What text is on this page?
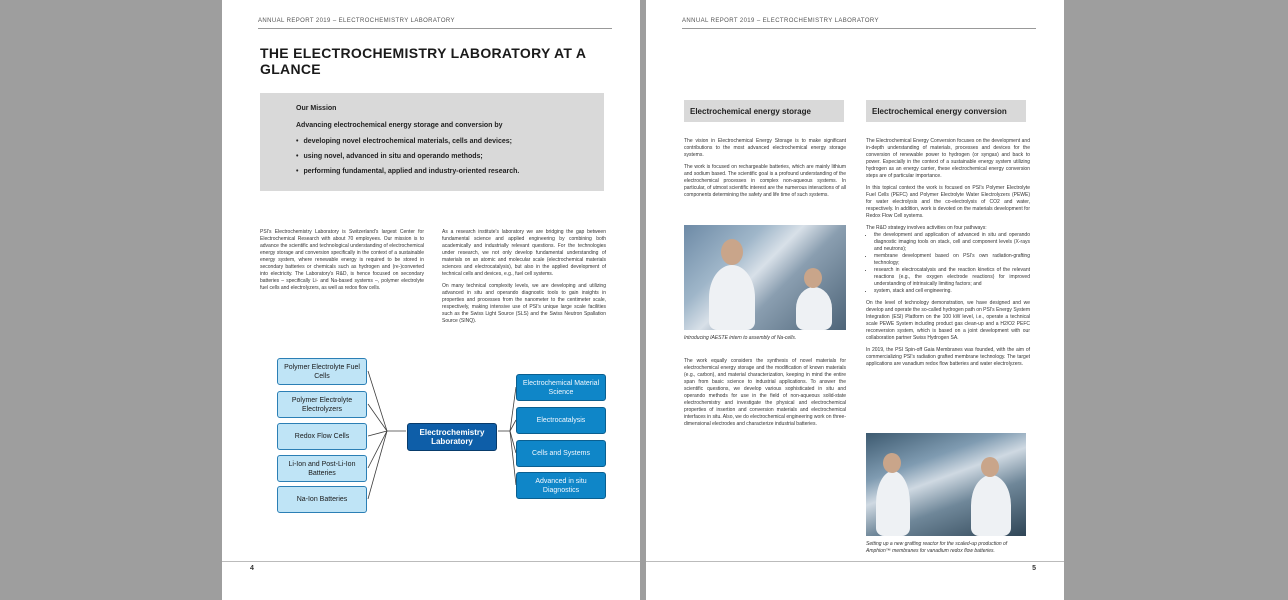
ANNUAL REPORT 2019 – ELECTROCHEMISTRY LABORATORY
THE ELECTROCHEMISTRY LABORATORY AT A GLANCE
Our Mission
Advancing electrochemical energy storage and conversion by
• developing novel electrochemical materials, cells and devices;
• using novel, advanced in situ and operando methods;
• performing fundamental, applied and industry-oriented research.

PSI's Electrochemistry Laboratory is Switzerland's largest Center for Electrochemical Research with about 70 employees. Our mission is to advance the scientific and technological understanding of electrochemical energy storage and conversion specifically in the context of a sustainable energy system, where renewable energy is required to be stored in secondary batteries or chemicals such as hydrogen and (re-)converted into electricity. The Laboratory's R&D, is hence focused on secondary batteries – specifically Li- and Na-based systems –, polymer electrolyte fuel cells and electrolyzers, as well as redox flow cells.

As a research institute's laboratory we are bridging the gap between fundamental science and applied engineering by combining both academically and industrially relevant questions. For the technologies under research, we not only develop fundamental understanding of materials on an atomic and molecular scale (electrochemical materials sciences and electrocatalysis), but also in the applied development of technical cells and devices, e.g., fuel cell systems.

On many technical complexity levels, we are developing and utilizing advanced in situ and operando diagnostic tools to gain insights in properties and processes from the nanometer to the centimeter scale, respectively, making intensive use of PSI's unique large scale facilities such as the Swiss Light Source (SLS) and the Swiss Neutron Spallation Source (SINQ).

Polymer Electrolyte Fuel Cells
Polymer Electrolyte Electrolyzers
Redox Flow Cells
Li-Ion and Post-Li-Ion Batteries
Na-Ion Batteries
Electrochemistry Laboratory
Electrochemical Material Science
Electrocatalysis
Cells and Systems
Advanced in situ Diagnostics
4
ANNUAL REPORT 2019 – ELECTROCHEMISTRY LABORATORY
Electrochemical energy storage	Electrochemical energy conversion

The vision in Electrochemical Energy Storage is to make significant contributions to the most advanced electrochemical energy storage systems.

The work is focused on rechargeable batteries, which are mainly lithium and sodium based. The scientific goal is a profound understanding of the electrochemical processes in complex non-aqueous systems. In particular, of utmost scientific interest are the numerous interactions of all components determining the safety and life time of such systems.

Introducing IAESTE intern to assembly of Na-cells.

The work equally considers the synthesis of novel materials for electrochemical energy storage and the modification of known materials (e.g., carbon), and material characterization, keeping in mind the entire span from basic science to industrial applications. To answer the scientific questions, we develop various sophisticated in situ and operando methods for use in the field of non-aqueous solid-state electrochemistry and investigate the physical and electrochemical properties of insertion and conversion materials and electrochemical interfaces in situ. Also, we do electrochemical engineering work on three-dimensional electrodes and characterize industrial batteries.

The Electrochemical Energy Conversion focuses on the development and in-depth understanding of materials, processes and devices for the conversion of renewable power to hydrogen (or syngas) and back to power. Especially in the context of a sustainable energy system utilizing hydrogen as an energy carrier, these electrochemical energy conversion steps are of particular importance.

In this topical context the work is focused on PSI's Polymer Electrolyte Fuel Cells (PEFC) and Polymer Electrolyte Water Electrolyzers (PEWE) for water electrolysis and the co-electrolysis of CO2 and water, respectively. In addition, work is devoted on the materials development for Redox Flow Cell systems.

The R&D strategy involves activities on four pathways:

• the development and application of advanced in situ and operando diagnostic imaging tools on stack, cell and component levels (X-rays and neutrons);
• membrane development based on PSI's own radiation-grafting technology;
• research in electrocatalysis and the reaction kinetics of the relevant reactions (e.g., the oxygen electrode reactions) for improved understanding of intrinsically limiting factors; and
• system, stack and cell engineering.

On the level of technology demonstration, we have designed and we develop and operate the so-called hydrogen path on PSI's Energy System Integration (ESI) Platform on the 100 kW level, i.e., operate a technical scale PEWE System including product gas clean-up and a H2/O2 PEFC reconversion system, which is based on a joint development with our collaboration partner Swiss Hydrogen SA.

In 2019, the PSI Spin-off Gaia Membranes was founded, with the aim of commercializing PSI's radiation grafted membrane technology. The target applications are vanadium redox flow batteries and water electrolyzers.

Setting up a new grafting reactor for the scaled-up production of Amphion™ membranes for vanadium redox flow batteries.
5
